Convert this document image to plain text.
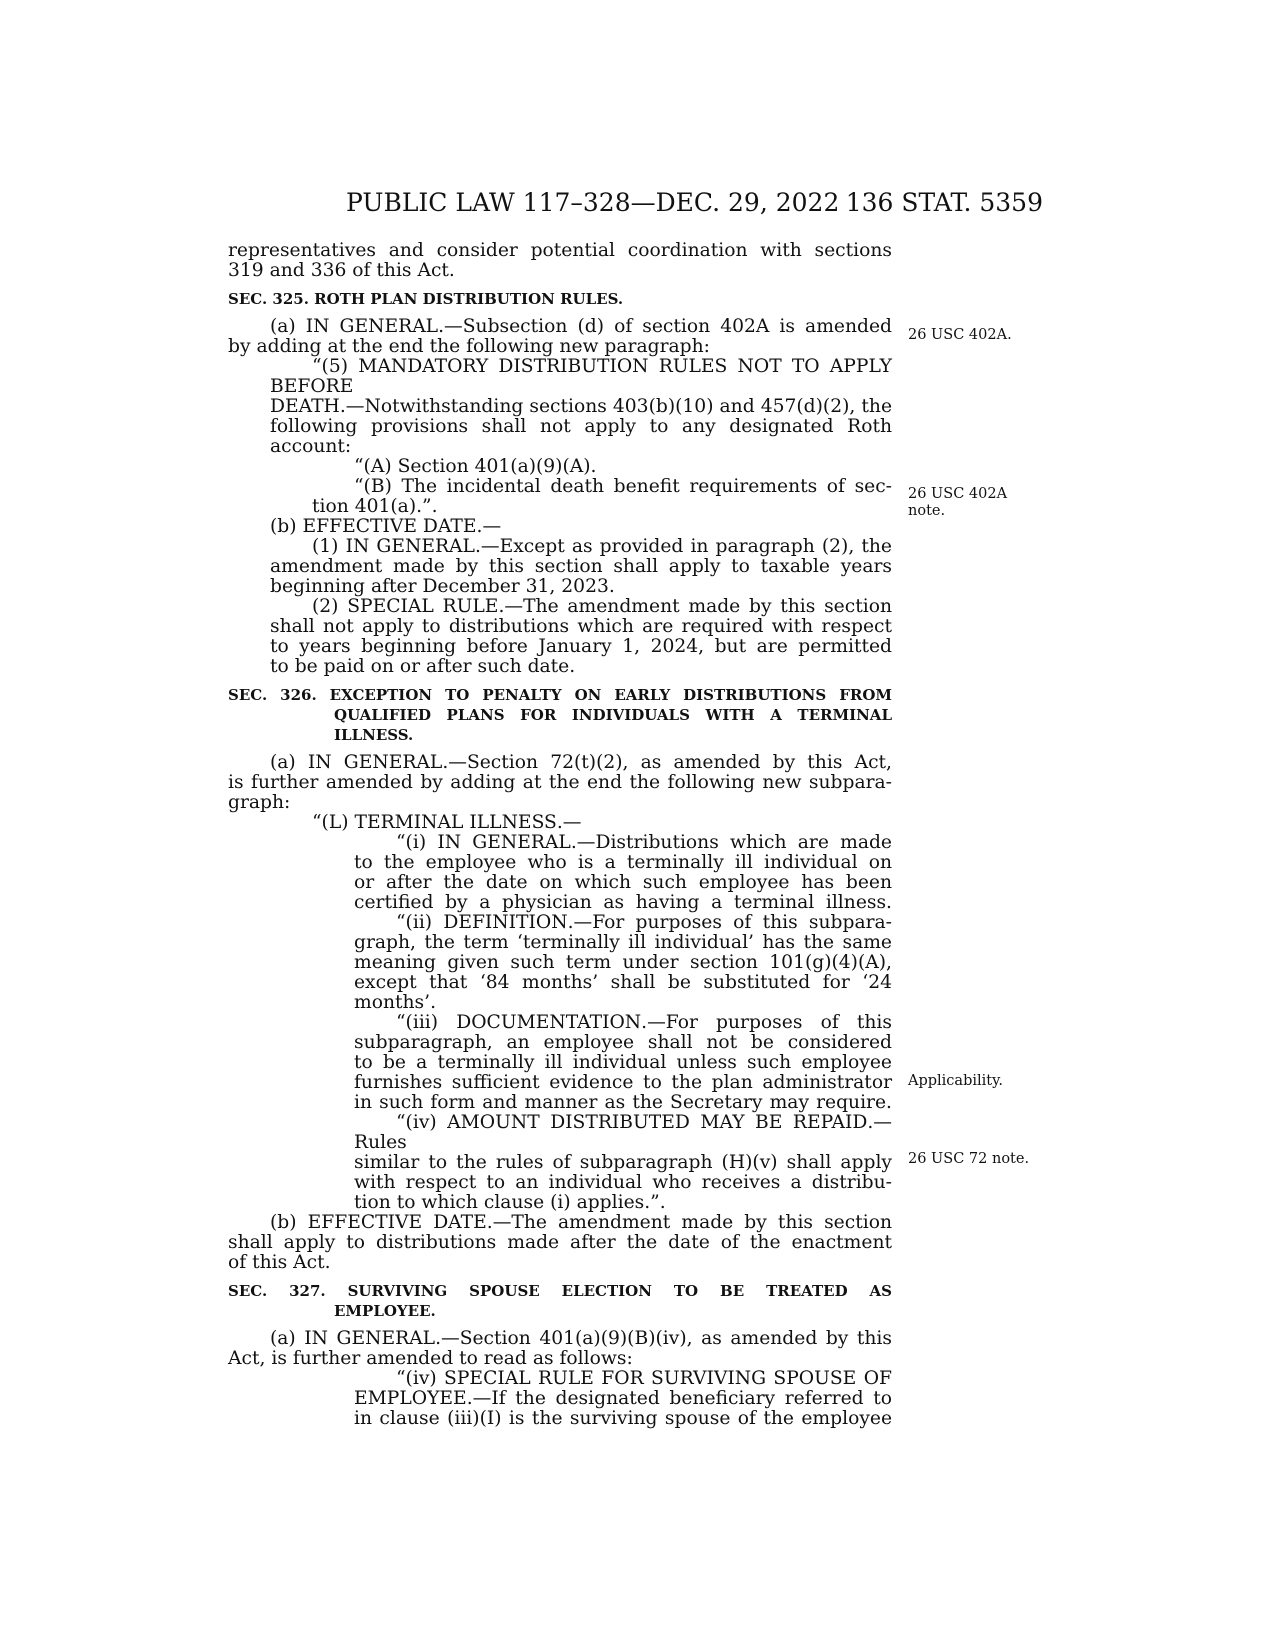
PUBLIC LAW 117–328—DEC. 29, 2022 136 STAT. 5359
representatives and consider potential coordination with sections
319 and 336 of this Act.
SEC. 325. ROTH PLAN DISTRIBUTION RULES.
(a) IN GENERAL.—Subsection (d) of section 402A is amended
by adding at the end the following new paragraph:
“(5) MANDATORY DISTRIBUTION RULES NOT TO APPLY BEFORE
DEATH.—Notwithstanding sections 403(b)(10) and 457(d)(2), the
following provisions shall not apply to any designated Roth
account:
“(A) Section 401(a)(9)(A).
“(B) The incidental death benefit requirements of sec-
tion 401(a).”.
(b) EFFECTIVE DATE.—
(1) IN GENERAL.—Except as provided in paragraph (2), the
amendment made by this section shall apply to taxable years
beginning after December 31, 2023.
(2) SPECIAL RULE.—The amendment made by this section
shall not apply to distributions which are required with respect
to years beginning before January 1, 2024, but are permitted
to be paid on or after such date.
SEC. 326. EXCEPTION TO PENALTY ON EARLY DISTRIBUTIONS FROM
QUALIFIED PLANS FOR INDIVIDUALS WITH A TERMINAL
ILLNESS.
(a) IN GENERAL.—Section 72(t)(2), as amended by this Act,
is further amended by adding at the end the following new subpara-
graph:
“(L) TERMINAL ILLNESS.—
“(i) IN GENERAL.—Distributions which are made
to the employee who is a terminally ill individual on
or after the date on which such employee has been
certified by a physician as having a terminal illness.
“(ii) DEFINITION.—For purposes of this subpara-
graph, the term ‘terminally ill individual’ has the same
meaning given such term under section 101(g)(4)(A),
except that ‘84 months’ shall be substituted for ‘24
months’.
“(iii) DOCUMENTATION.—For purposes of this
subparagraph, an employee shall not be considered
to be a terminally ill individual unless such employee
furnishes sufficient evidence to the plan administrator
in such form and manner as the Secretary may require.
“(iv) AMOUNT DISTRIBUTED MAY BE REPAID.—Rules
similar to the rules of subparagraph (H)(v) shall apply
with respect to an individual who receives a distribu-
tion to which clause (i) applies.”.
(b) EFFECTIVE DATE.—The amendment made by this section
shall apply to distributions made after the date of the enactment
of this Act.
SEC. 327. SURVIVING SPOUSE ELECTION TO BE TREATED AS
EMPLOYEE.
(a) IN GENERAL.—Section 401(a)(9)(B)(iv), as amended by this
Act, is further amended to read as follows:
“(iv) SPECIAL RULE FOR SURVIVING SPOUSE OF
EMPLOYEE.—If the designated beneficiary referred to
in clause (iii)(I) is the surviving spouse of the employee
26 USC 402A.
26 USC 402A
note.
Applicability.
26 USC 72 note.
